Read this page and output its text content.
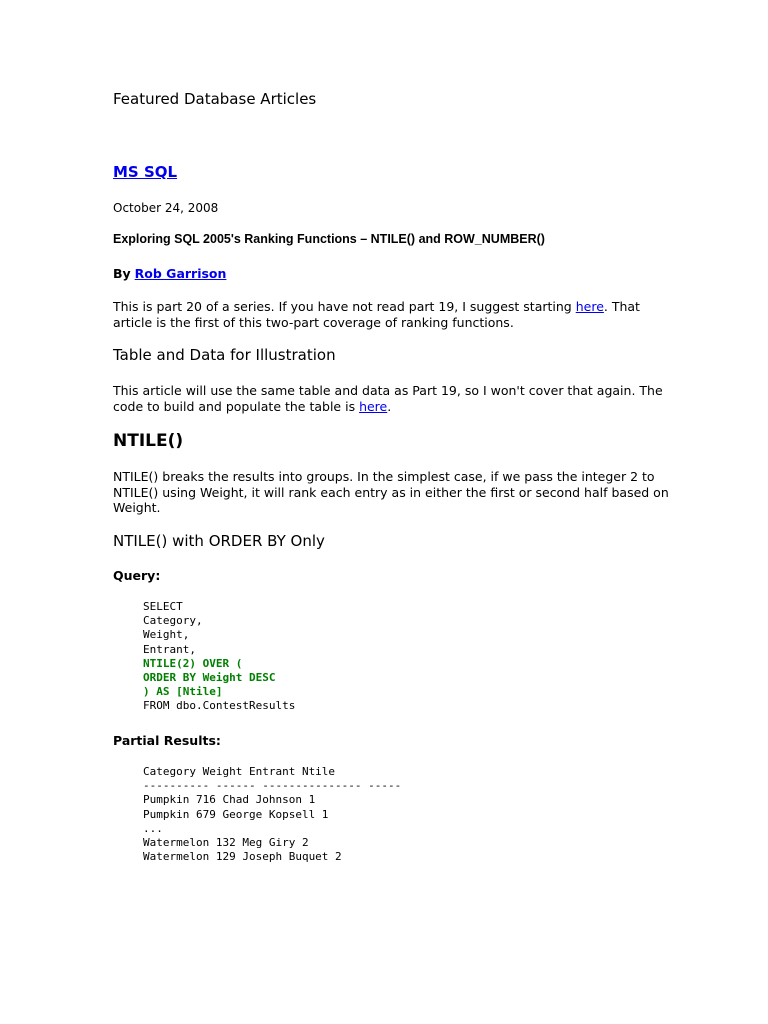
Featured Database Articles
MS SQL
October 24, 2008
Exploring SQL 2005's Ranking Functions – NTILE() and ROW_NUMBER()
By Rob Garrison
This is part 20 of a series. If you have not read part 19, I suggest starting here. That article is the first of this two-part coverage of ranking functions.
Table and Data for Illustration
This article will use the same table and data as Part 19, so I won't cover that again. The code to build and populate the table is here.
NTILE()
NTILE() breaks the results into groups. In the simplest case, if we pass the integer 2 to NTILE() using Weight, it will rank each entry as in either the first or second half based on Weight.
NTILE() with ORDER BY Only
Query:
SELECT
Category,
Weight,
Entrant,
NTILE(2) OVER (
ORDER BY Weight DESC
) AS [Ntile]
FROM dbo.ContestResults
Partial Results:
Category Weight Entrant Ntile
---------- ------ --------------- -----
Pumpkin 716 Chad Johnson 1
Pumpkin 679 George Kopsell 1
...
Watermelon 132 Meg Giry 2
Watermelon 129 Joseph Buquet 2
